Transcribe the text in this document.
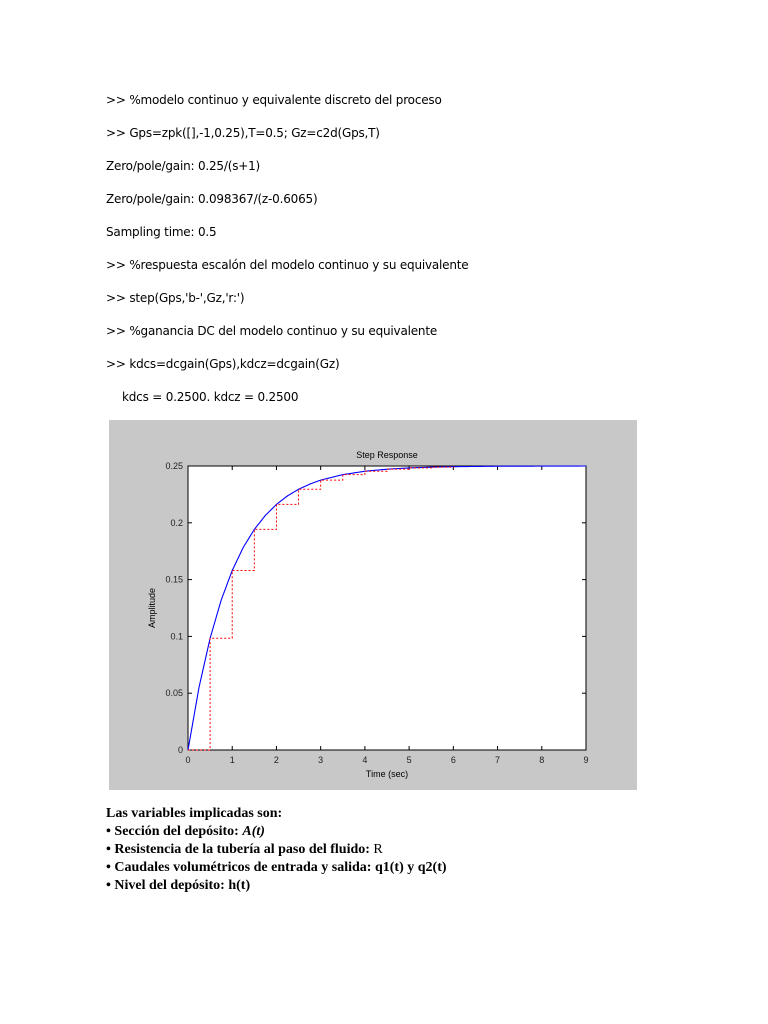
>> %modelo continuo y equivalente discreto del proceso
>> Gps=zpk([],-1,0.25),T=0.5; Gz=c2d(Gps,T)
Zero/pole/gain: 0.25/(s+1)
Zero/pole/gain: 0.098367/(z-0.6065)
Sampling time: 0.5
>> %respuesta escalón del modelo continuo y su equivalente
>> step(Gps,'b-',Gz,'r:')
>> %ganancia DC del modelo continuo y su equivalente
>> kdcs=dcgain(Gps),kdcz=dcgain(Gz)
kdcs = 0.2500. kdcz = 0.2500
0	1	2	3	4	5	6	7	8	9
0
0.05
0.1
0.15
0.2
0.25
Step Response
Time (sec)
Amplitude
Las variables implicadas son:
• Sección del depósito: A(t)
• Resistencia de la tubería al paso del fluido: R
• Caudales volumétricos de entrada y salida: q1(t) y q2(t)
• Nivel del depósito: h(t)
